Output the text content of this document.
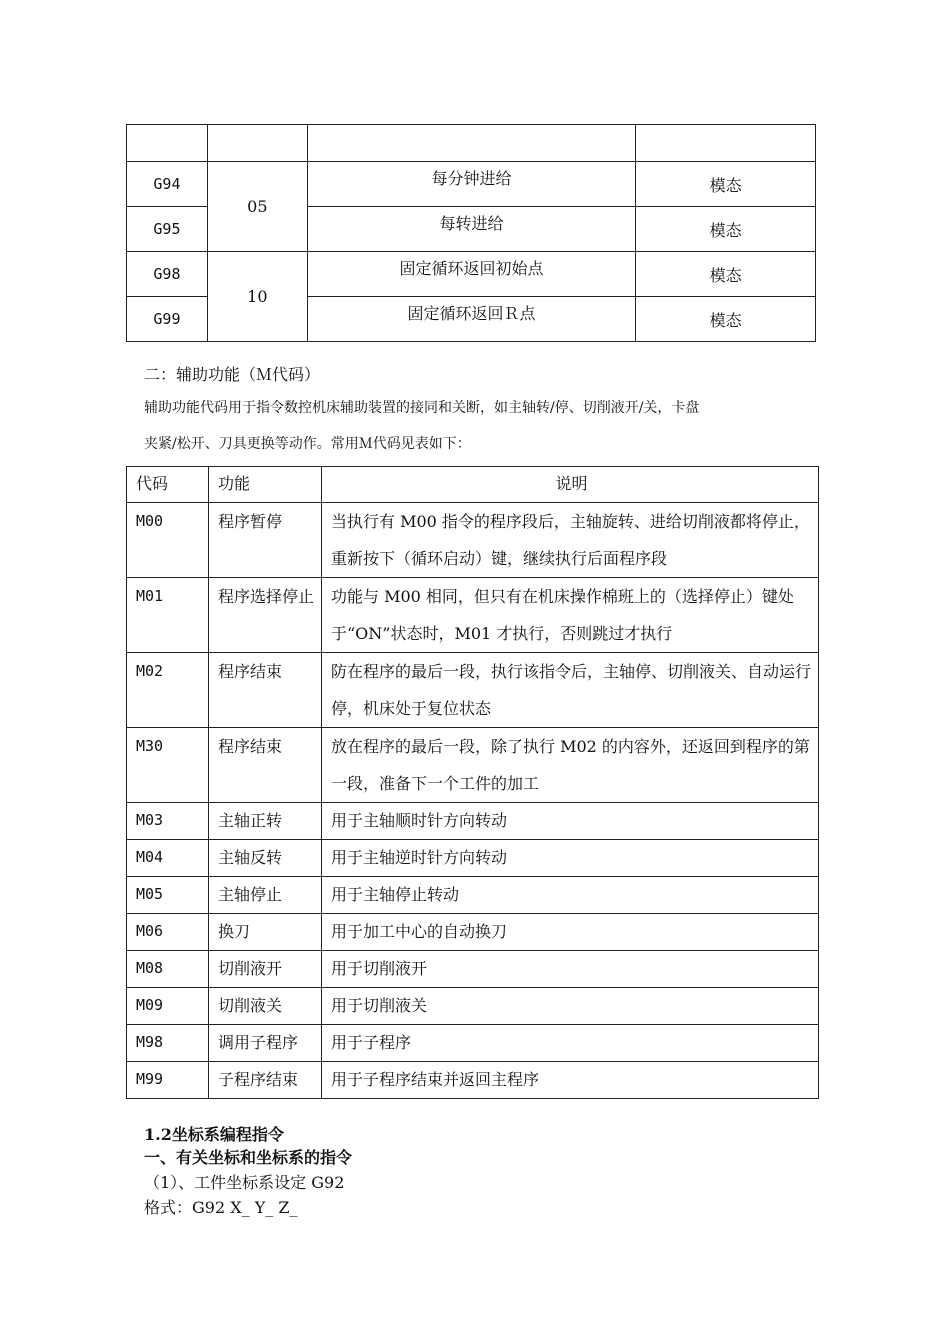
G94	05	每分钟进给	模态
G95		每转进给	模态
G98	10	固定循环返回初始点	模态
G99		固定循环返回Ｒ点	模态
二：辅助功能（Ｍ代码）
辅助功能代码用于指令数控机床辅助装置的接同和关断，如主轴转/停、切削液开/关，卡盘
夹紧/松开、刀具更换等动作。常用Ｍ代码见表如下：
代码	功能	说明
M00	程序暂停	当执行有 M00 指令的程序段后，主轴旋转、进给切削液都将停止，重新按下（循环启动）键，继续执行后面程序段
M01	程序选择停止	功能与 M00 相同，但只有在机床操作棉班上的（选择停止）键处于“ON”状态时，M01 才执行，否则跳过才执行
M02	程序结束	防在程序的最后一段，执行该指令后，主轴停、切削液关、自动运行停，机床处于复位状态
M30	程序结束	放在程序的最后一段，除了执行 M02 的内容外，还返回到程序的第一段，准备下一个工件的加工
M03	主轴正转	用于主轴顺时针方向转动
M04	主轴反转	用于主轴逆时针方向转动
M05	主轴停止	用于主轴停止转动
M06	换刀	用于加工中心的自动换刀
M08	切削液开	用于切削液开
M09	切削液关	用于切削液关
M98	调用子程序	用于子程序
M99	子程序结束	用于子程序结束并返回主程序
1.2坐标系编程指令
一、有关坐标和坐标系的指令
（1）、工件坐标系设定 G92
格式：G92 X_ Y_ Z_
